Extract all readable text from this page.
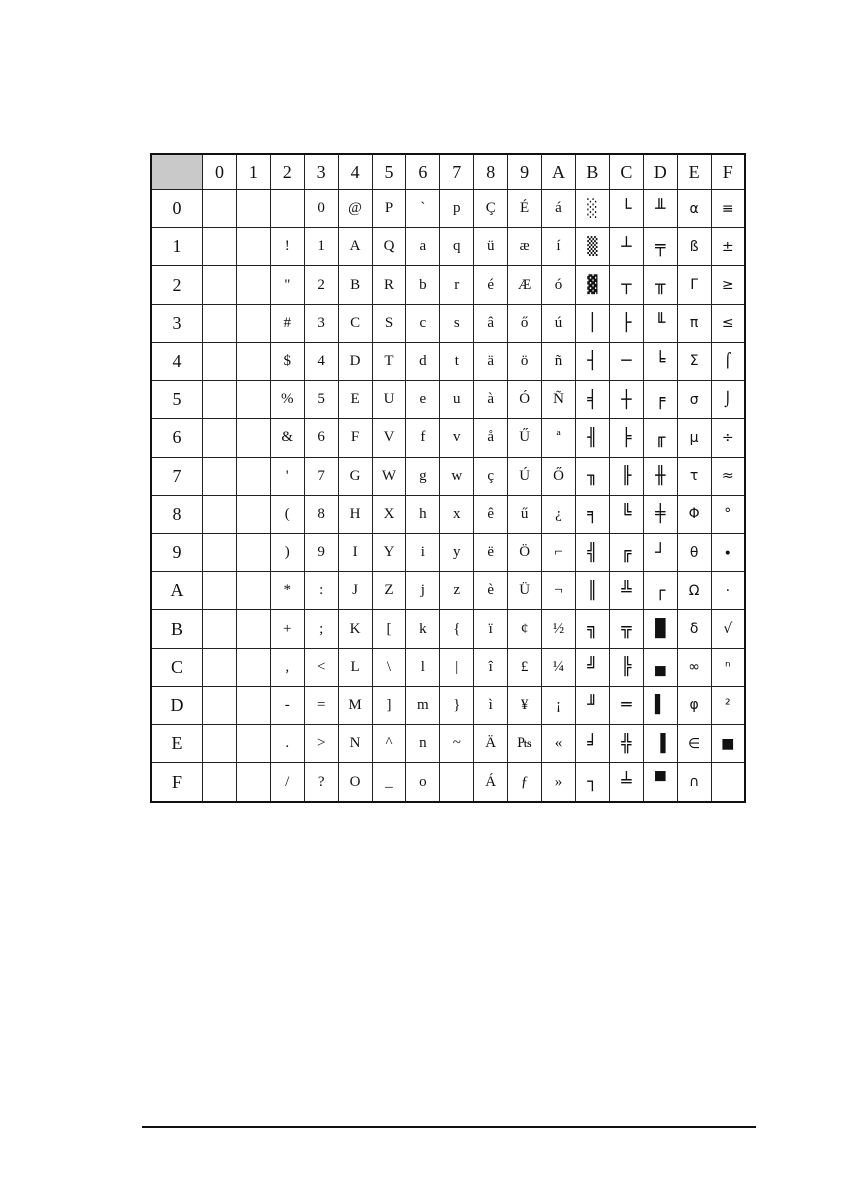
	0	1	2	3	4	5	6	7	8	9	A	B	C	D	E	F
0				0	@	P	`	p	Ç	É	á	░	└	╨	α	≡
1			!	1	A	Q	a	q	ü	æ	í	▒	┴	╤	ß	±
2			"	2	B	R	b	r	é	Æ	ó	▓	┬	╥	Γ	≥
3			#	3	C	S	c	s	â	ő	ú	│	├	╙	π	≤
4			$	4	D	T	d	t	ä	ö	ñ	┤	─	╘	Σ	⌠
5			%	5	E	U	e	u	à	Ó	Ñ	╡	┼	╒	σ	⌡
6			&	6	F	V	f	v	å	Ű	ª	╢	╞	╓	µ	÷
7			'	7	G	W	g	w	ç	Ú	Ő	╖	╟	╫	τ	≈
8			(	8	H	X	h	x	ê	ű	¿	╕	╚	╪	Φ	°
9			)	9	I	Y	i	y	ë	Ö	⌐	╣	╔	┘	θ	∙
A			*	:	J	Z	j	z	è	Ü	¬	║	╩	┌	Ω	·
B			+	;	K	[	k	{	ï	¢	½	╗	╦	█	δ	√
C			,	<	L	\	l	|	î	£	¼	╝	╠	▄	∞	ⁿ
D			-	=	M	]	m	}	ì	¥	¡	╜	═	▌	φ	²
E			.	>	N	^	n	~	Ä	₧	«	╛	╬	▐	∈	■
F			/	?	O	_	o		Á	ƒ	»	┐	╧	▀	∩	
